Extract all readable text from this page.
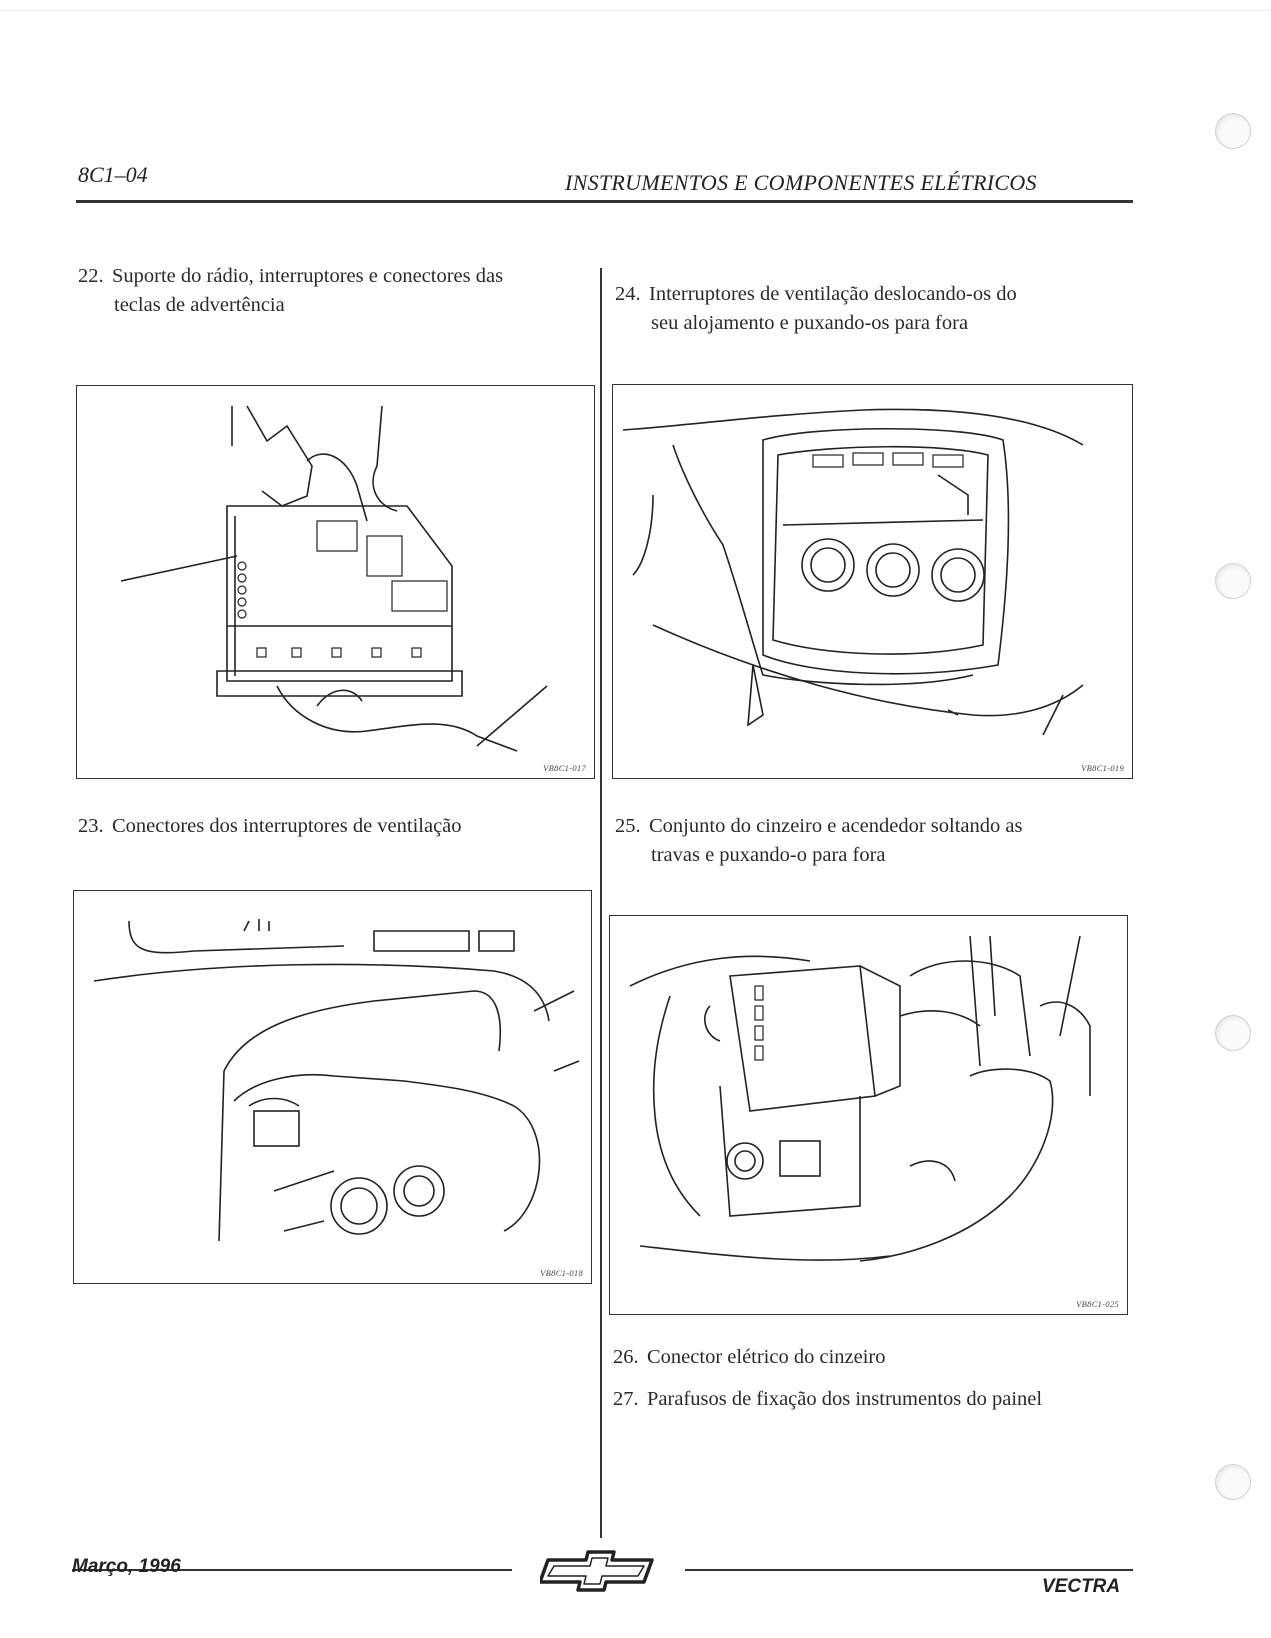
8C1–04	INSTRUMENTOS E COMPONENTES ELÉTRICOS
22. Suporte do rádio, interruptores e conectores das
teclas de advertência
VB8C1-017
23. Conectores dos interruptores de ventilação
VB8C1-018
24. Interruptores de ventilação deslocando-os do
seu alojamento e puxando-os para fora
VB8C1-019
25. Conjunto do cinzeiro e acendedor soltando as
travas e puxando-o para fora
VB8C1-025
26. Conector elétrico do cinzeiro
27. Parafusos de fixação dos instrumentos do painel
Março, 1996
VECTRA
